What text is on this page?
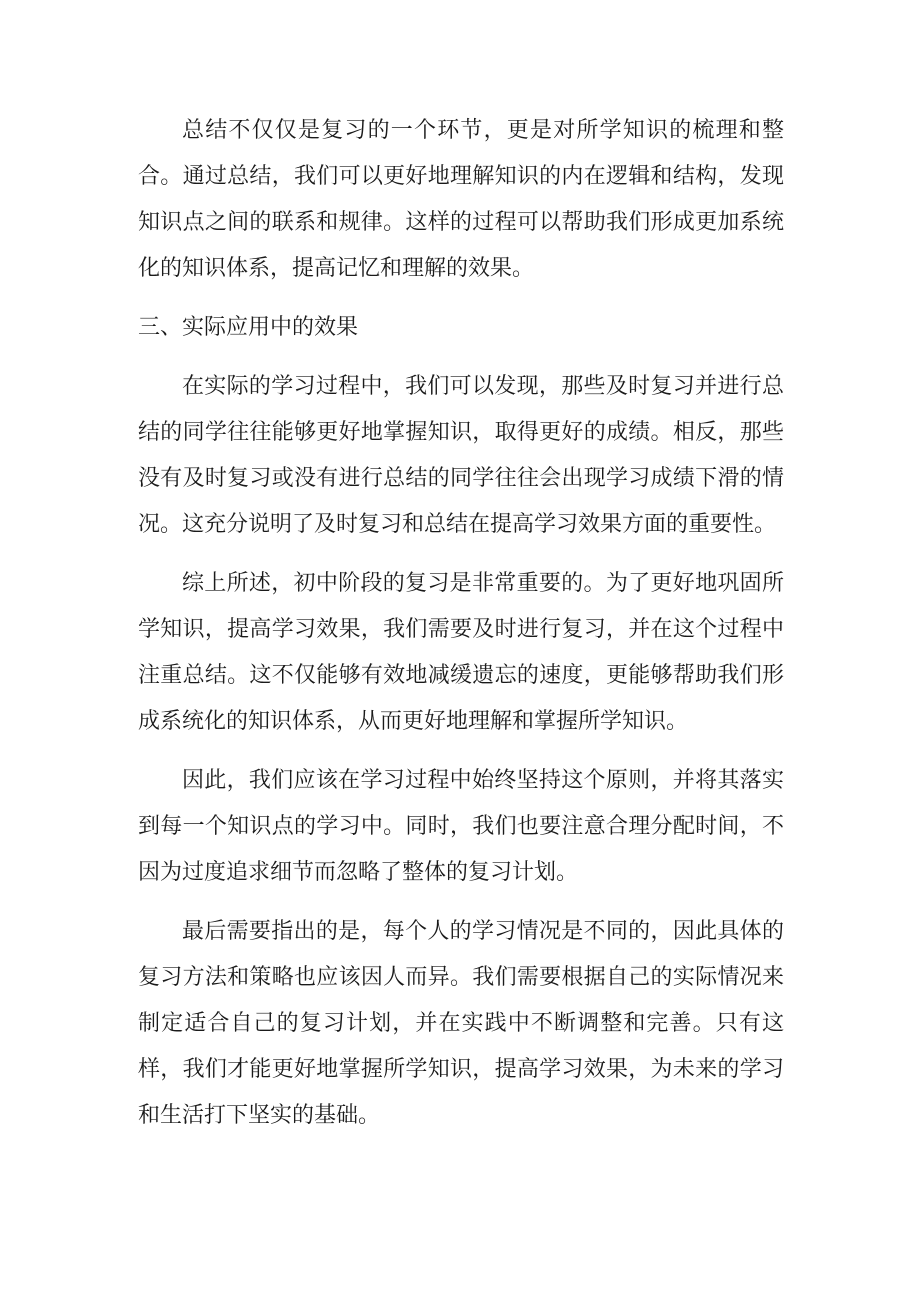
总结不仅仅是复习的一个环节，更是对所学知识的梳理和整合。通过总结，我们可以更好地理解知识的内在逻辑和结构，发现知识点之间的联系和规律。这样的过程可以帮助我们形成更加系统化的知识体系，提高记忆和理解的效果。

三、实际应用中的效果

在实际的学习过程中，我们可以发现，那些及时复习并进行总结的同学往往能够更好地掌握知识，取得更好的成绩。相反，那些没有及时复习或没有进行总结的同学往往会出现学习成绩下滑的情况。这充分说明了及时复习和总结在提高学习效果方面的重要性。

综上所述，初中阶段的复习是非常重要的。为了更好地巩固所学知识，提高学习效果，我们需要及时进行复习，并在这个过程中注重总结。这不仅能够有效地减缓遗忘的速度，更能够帮助我们形成系统化的知识体系，从而更好地理解和掌握所学知识。

因此，我们应该在学习过程中始终坚持这个原则，并将其落实到每一个知识点的学习中。同时，我们也要注意合理分配时间，不因为过度追求细节而忽略了整体的复习计划。

最后需要指出的是，每个人的学习情况是不同的，因此具体的复习方法和策略也应该因人而异。我们需要根据自己的实际情况来制定适合自己的复习计划，并在实践中不断调整和完善。只有这样，我们才能更好地掌握所学知识，提高学习效果，为未来的学习和生活打下坚实的基础。
